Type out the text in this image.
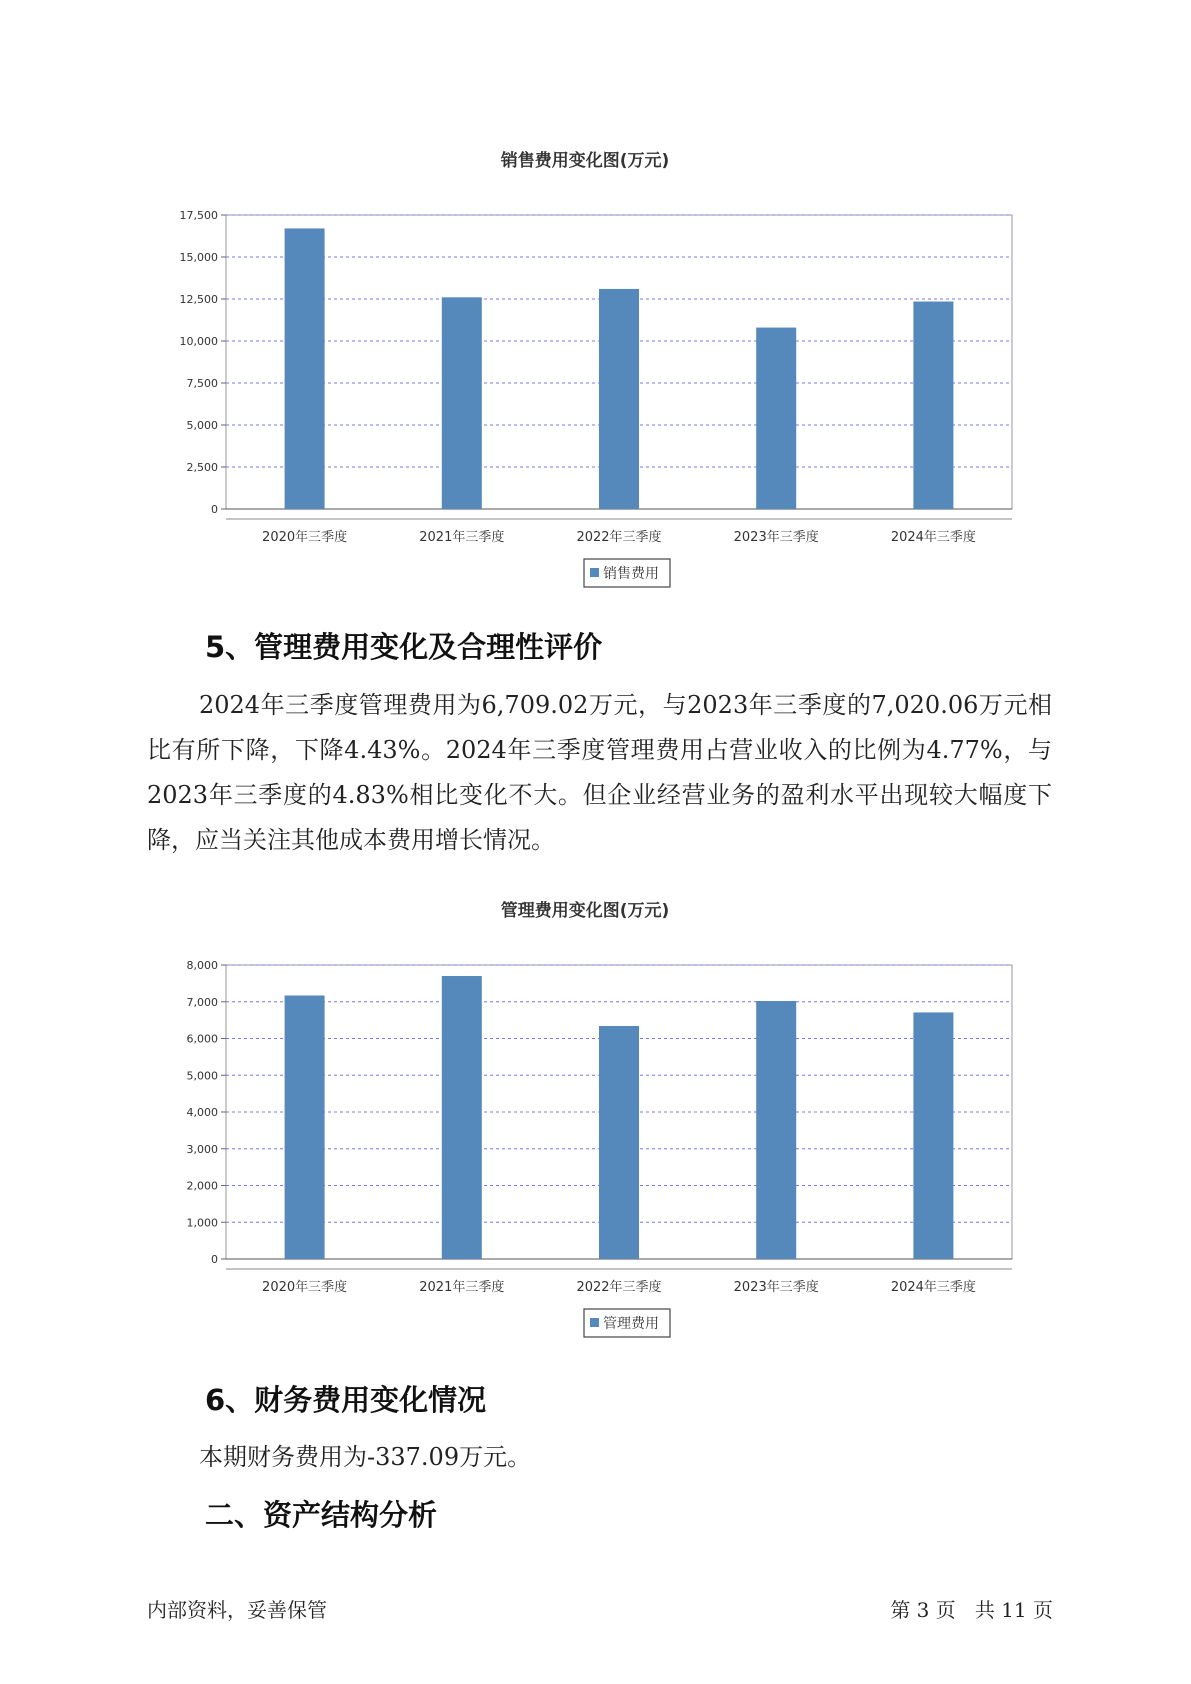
销售费用变化图(万元)
0
2,500
5,000
7,500
10,000
12,500
15,000
17,500
2020年三季度	2021年三季度	2022年三季度	2023年三季度	2024年三季度
销售费用
5、管理费用变化及合理性评价

2024年三季度管理费用为6,709.02万元，与2023年三季度的7,020.06万元相比有所下降，下降4.43%。2024年三季度管理费用占营业收入的比例为4.77%，与2023年三季度的4.83%相比变化不大。但企业经营业务的盈利水平出现较大幅度下降，应当关注其他成本费用增长情况。

管理费用变化图(万元)
0
1,000
2,000
3,000
4,000
5,000
6,000
7,000
8,000
2020年三季度	2021年三季度	2022年三季度	2023年三季度	2024年三季度
管理费用
6、财务费用变化情况

本期财务费用为-337.09万元。

二、资产结构分析
内部资料，妥善保管	第 3 页   共 11 页
